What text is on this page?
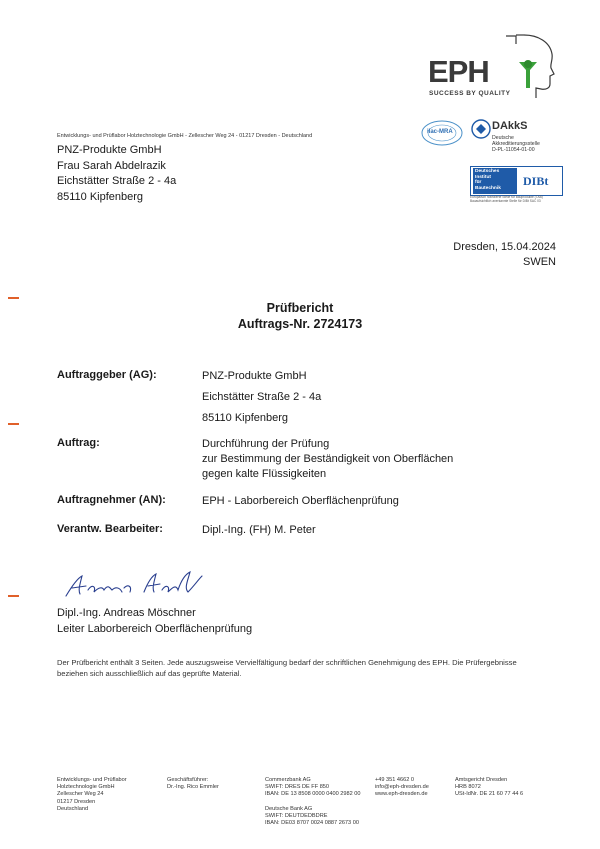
EPH
SUCCESS BY QUALITY
ilac-MRA	DAkkS
Deutsche
Akkreditierungsstelle
D-PL-11054-01-00
Deutsches
Institut
für
Bautechnik
DIBt
Europäisch notifizierte Stelle für Bauprodukte (TAB)
Bauaufsichtlich anerkannte Stelle für DIBt SAC 03
Entwicklungs- und Prüflabor Holztechnologie GmbH - Zellescher Weg 24 - 01217 Dresden - Deutschland
PNZ-Produkte GmbH
Frau Sarah Abdelrazik
Eichstätter Straße 2 - 4a
85110 Kipfenberg
Dresden, 15.04.2024
SWEN
Prüfbericht
Auftrags-Nr. 2724173
Auftraggeber (AG):	PNZ-Produkte GmbH
Eichstätter Straße 2 - 4a
85110 Kipfenberg
Auftrag:	Durchführung der Prüfung
zur Bestimmung der Beständigkeit von Oberflächen
gegen kalte Flüssigkeiten
Auftragnehmer (AN):	EPH - Laborbereich Oberflächenprüfung
Verantw. Bearbeiter:	Dipl.-Ing. (FH) M. Peter
Dipl.-Ing. Andreas Möschner
Leiter Laborbereich Oberflächenprüfung
Der Prüfbericht enthält 3 Seiten. Jede auszugsweise Vervielfältigung bedarf der schriftlichen Genehmigung des EPH. Die Prüfergebnisse
beziehen sich ausschließlich auf das geprüfte Material.
Entwicklungs- und Prüflabor
Holztechnologie GmbH
Zellescher Weg 24
01217 Dresden
Deutschland
Geschäftsführer:
Dr.-Ing. Rico Emmler
Commerzbank AG
SWIFT: DRES DE FF 850
IBAN: DE 13 8508 0000 0400 2982 00
Deutsche Bank AG
SWIFT: DEUTDEDBDRE
IBAN: DE03 8707 0024 0887 2673 00
+49 351 4662 0
info@eph-dresden.de
www.eph-dresden.de
Amtsgericht Dresden
HRB 8072
USt-IdNr. DE 21 60 77 44 6
